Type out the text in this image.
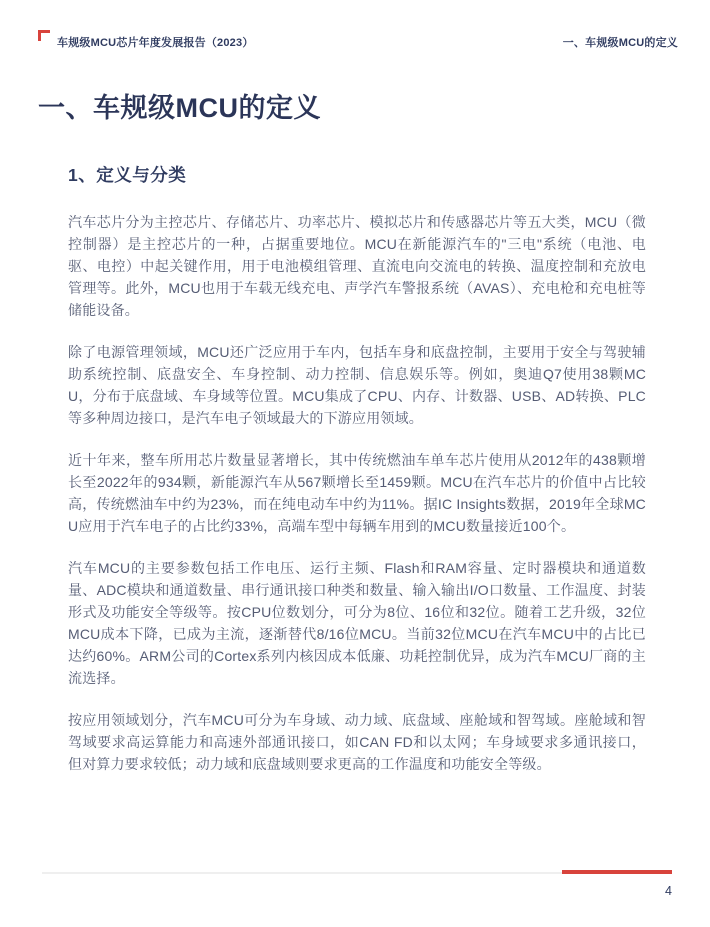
车规级MCU芯片年度发展报告（2023）	一、车规级MCU的定义
一、车规级MCU的定义
1、定义与分类

汽车芯片分为主控芯片、存储芯片、功率芯片、模拟芯片和传感器芯片等五大类，MCU（微控制器）是主控芯片的一种，占据重要地位。MCU在新能源汽车的"三电"系统（电池、电驱、电控）中起关键作用，用于电池模组管理、直流电向交流电的转换、温度控制和充放电管理等。此外，MCU也用于车载无线充电、声学汽车警报系统（AVAS）、充电枪和充电桩等储能设备。

除了电源管理领域，MCU还广泛应用于车内，包括车身和底盘控制，主要用于安全与驾驶辅助系统控制、底盘安全、车身控制、动力控制、信息娱乐等。例如，奥迪Q7使用38颗MCU，分布于底盘域、车身域等位置。MCU集成了CPU、内存、计数器、USB、AD转换、PLC等多种周边接口，是汽车电子领域最大的下游应用领域。

近十年来，整车所用芯片数量显著增长，其中传统燃油车单车芯片使用从2012年的438颗增长至2022年的934颗，新能源汽车从567颗增长至1459颗。MCU在汽车芯片的价值中占比较高，传统燃油车中约为23%，而在纯电动车中约为11%。据IC Insights数据，2019年全球MCU应用于汽车电子的占比约33%，高端车型中每辆车用到的MCU数量接近100个。

汽车MCU的主要参数包括工作电压、运行主频、Flash和RAM容量、定时器模块和通道数量、ADC模块和通道数量、串行通讯接口种类和数量、输入输出I/O口数量、工作温度、封装形式及功能安全等级等。按CPU位数划分，可分为8位、16位和32位。随着工艺升级，32位MCU成本下降，已成为主流，逐渐替代8/16位MCU。当前32位MCU在汽车MCU中的占比已达约60%。ARM公司的Cortex系列内核因成本低廉、功耗控制优异，成为汽车MCU厂商的主流选择。

按应用领域划分，汽车MCU可分为车身域、动力域、底盘域、座舱域和智驾域。座舱域和智驾域要求高运算能力和高速外部通讯接口，如CAN FD和以太网；车身域要求多通讯接口，但对算力要求较低；动力域和底盘域则要求更高的工作温度和功能安全等级。

4
